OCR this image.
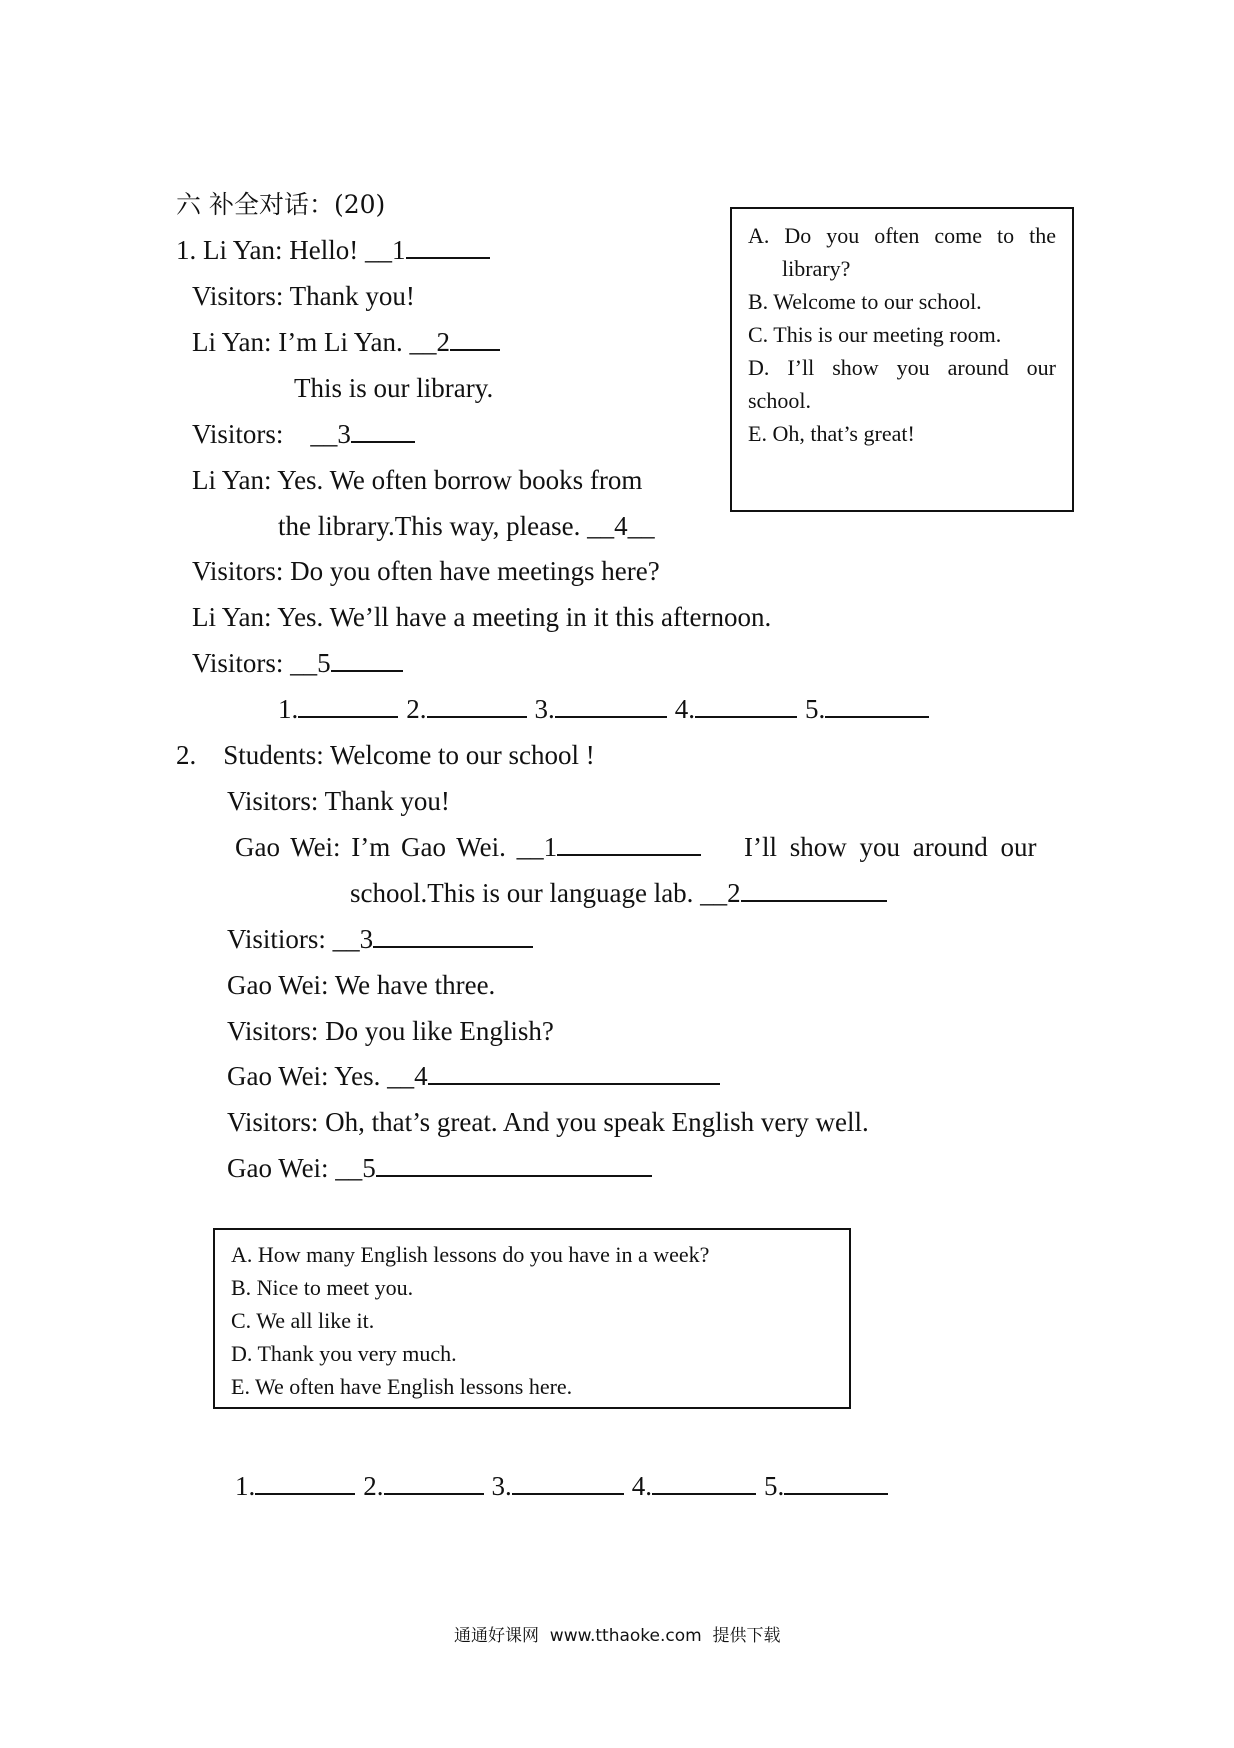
六 补全对话：(20)
1. Li Yan: Hello! __1
Visitors: Thank you!
Li Yan: I’m Li Yan. __2
This is our library.
Visitors:    __3
Li Yan: Yes. We often borrow books from
the library.This way, please. __4__
Visitors: Do you often have meetings here?
Li Yan: Yes. We’ll have a meeting in it this afternoon.
Visitors: __5
1.	2.	3.	4.	5.
A. Do you often come to the library?
B. Welcome to our school.
C. This is our meeting room.
D. I’ll show you around our school.
E. Oh, that’s great!
2.    Students: Welcome to our school !
Visitors: Thank you!
Gao Wei: I’m Gao Wei. __1	I’ll show you around our
school.This is our language lab. __2
Visitiors: __3
Gao Wei: We have three.
Visitors: Do you like English?
Gao Wei: Yes. __4
Visitors: Oh, that’s great. And you speak English very well.
Gao Wei: __5
A. How many English lessons do you have in a week?
B. Nice to meet you.
C. We all like it.
D. Thank you very much.
E. We often have English lessons here.
1.	2.	3.	4.	5.
通通好课网  www.tthaoke.com  提供下载
